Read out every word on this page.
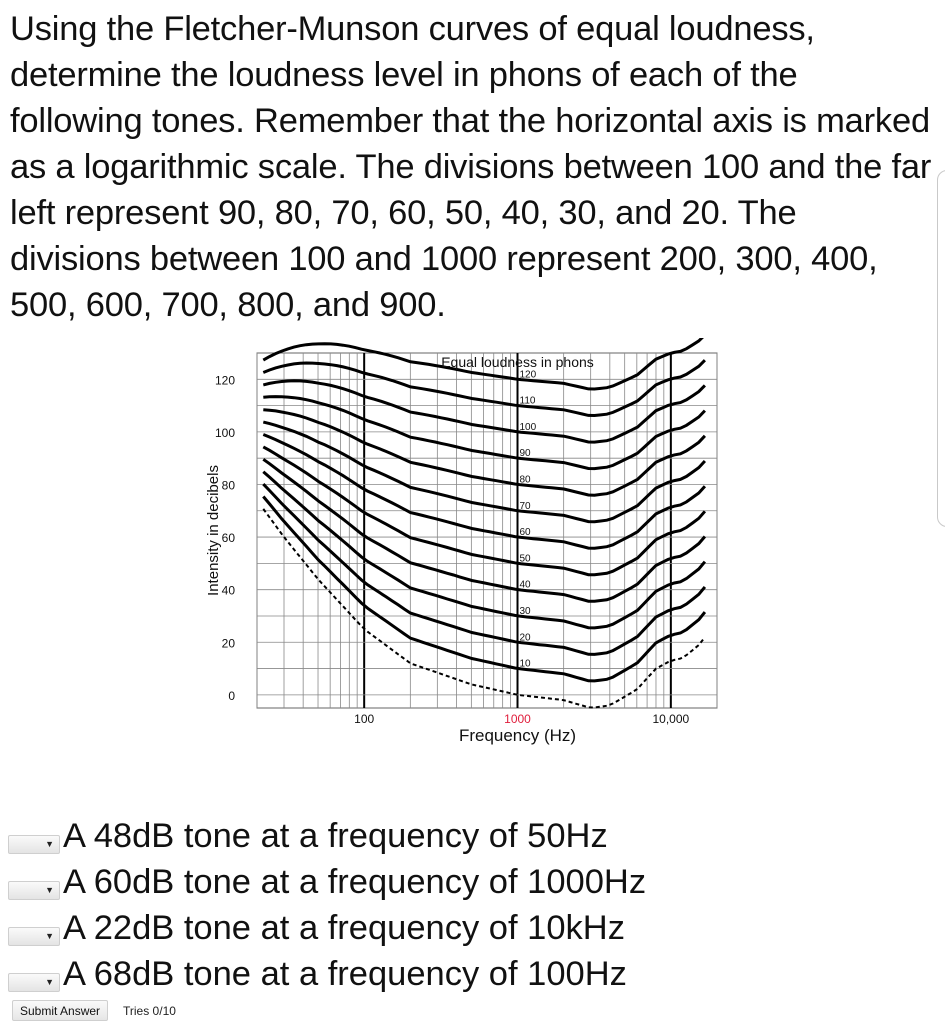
Using the Fletcher-Munson curves of equal loudness, determine the loudness level in phons of each of the following tones. Remember that the horizontal axis is marked as a logarithmic scale. The divisions between 100 and the far left represent 90, 80, 70, 60, 50, 40, 30, and 20. The divisions between 100 and 1000 represent 200, 300, 400, 500, 600, 700, 800, and 900.

120
110
100
90
80
70
60
50
40
30
20
10
Equal loudness in phons
0
20
40
60
80
100
120
Intensity in decibels
100	1000	10,000
Frequency (Hz)
▼ A 48dB tone at a frequency of 50Hz
▼ A 60dB tone at a frequency of 1000Hz
▼ A 22dB tone at a frequency of 10kHz
▼ A 68dB tone at a frequency of 100Hz
Submit Answer	Tries 0/10
